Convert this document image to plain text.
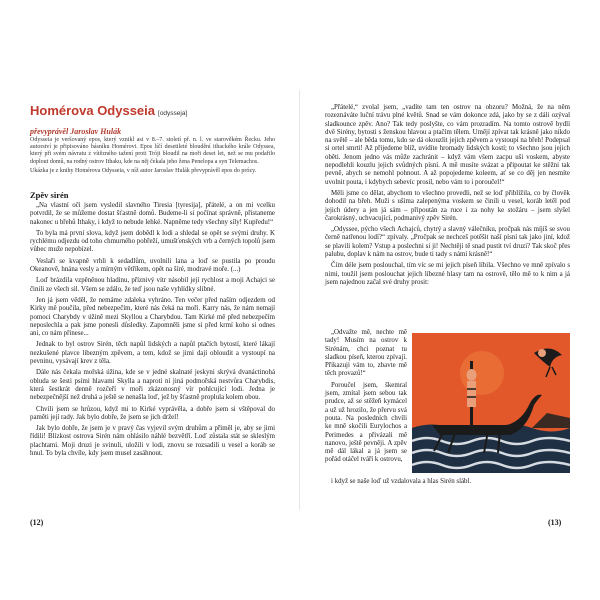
Homérova Odysseia [odysseja]
převyprávěl Jaroslav Hulák

Odysseia je veršovaný epos, který vznikl asi v 8.–7. století př. n. l. ve starověkém Řecku. Jeho autorství je připisováno básníku Homérovi. Epos líčí desetileté bloudění ithackého krále Odyssea, který při svém návratu z vítězného tažení proti Tróji bloudil na moři deset let, než se mu podařilo doplout domů, na rodný ostrov Ithaku, kde na něj čekala jeho žena Penelopa a syn Telemachos.

Ukázka je z knihy Homérova Odysseia, v níž autor Jaroslav Hulák převyprávěl epos do prózy.

Zpěv sirén

„Na vlastní oči jsem vysledil slavného Tiresia [tyresija], přátelé, a on mi vcelku potvrdil, že se můžeme dostat šťastně domů. Budeme-li si počínat správně, přistaneme nakonec u břehů Ithaky, i když to nebude lehké. Napněme tedy všechny síly! Kupředu!“

To byla má první slova, když jsem dobědl k lodi a shledal se opět se svými druhy. K rychlému odjezdu od toho chmurného pobřeží, umušťenských vrb a černých topolů jsem vůbec muže nepobízel.

Veslaři se kvapně vrhli k sedadlům, uvolnili lana a loď se pustila po proudu Okeanově, hnána vesly a mírným větříkem, opět na šíré, modravé moře. (...)

Loď brázdila vzpěněnou hladinu, příznivý vítr násobil její rychlost a moji Achajci se činili ze všech sil. Všem se zdálo, že teď jsou naše vyhlídky slibné.

Jen já jsem věděl, že nemáme zdaleka vyhráno. Ten večer před naším odjezdem od Kirky mě poučila, před nebezpečím, které nás čeká na moři. Karry nás, že nám nemají pomoci Charybdy v úžině mezi Skyllou a Charybdou. Tam Kirké mě před nebezpečím neposlechla a pak jsme ponesli důsledky. Zapomněli jsme si před krmí koho si odnes ani, co nám přinese...

Jednak to byl ostrov Sirén, těch napůl lidských a napůl ptačích bytostí, které lákají nezkušené plavce libezným zpěvem, a tem, kdož se jimi dají obloudit a vystoupí na pevninu, vysávají krev z těla.

Dále nás čekala mořská úžina, kde se v jedné skalnaté jeskyni skrývá dvanáctinohá obluda se šesti psími hlavami Skylla a naproti ní jiná podmořská nestvůra Charybdis, která šestkrát denně rozčeří v moři zkázonosný vír pohlcující lodi. Jedna je nebezpečnější než druhá a ještě se nenašla loď, jež by šťastně proplula kolem obou.

Chvíli jsem se hrůzou, když mi to Kirké vyprávěla, a dobře jsem si vštěpoval do paměti její rady. Jak bylo dobře, že jsem se jich držel!

Jak bylo dobře, že jsem je v pravý čas vyjevil svým druhům a přiměl je, aby se jimi řídili! Blízkost ostrova Sirén nám ohlásilo náhlé bezvětří. Loď zůstala stát se skleslým plachtami. Moji druzi je svinuli, uložili v lodi, znovu se rozsadili u vesel a koráb se hnul. To byla chvíle, kdy jsem musel zasáhnout.

(12)

„Přátelé,“ zvolal jsem, „vadíte tam ten ostrov na obzoru? Možná, že na něm rozeznáváte luční trávu plné květů. Snad se vám dokonce zdá, jako by se z dáli ozýval sladkounce zpěv. Ano? Tak tedy poslyšte, co vám prozradím. Na tomto ostrově bydlí dvě Sirény, bytosti s ženskou hlavou a ptačím tělem. Umějí zpívat tak krásně jako nikdo na světě – ale běda tomu, kdo se dá okouzlit jejich zpěvem a vystoupí na břeh! Podepsal si ortel smrti! Až přijedeme blíž, uvidíte hromady lidských kostí; to všechno jsou jejich oběti. Jenom jedno vás může zachránit – když vám všem zacpu uši voskem, abyste nepodlehli kouzlu jejich svůdných písní. A mě musíte svázat a připoutat ke stěžni tak pevně, abych se nemohl pohnout. A až popojedeme koleem, ať se co děj jen nesmíte uvolnit pouta, i kdybych sebevíc prosil, nebo vám to i poroučel!“

Měli jsme co dělat, abychom to všechno provedli, než se loď přiblížila, co by člověk dohodil na břeh. Muži s ušima zalepenýma voskem se činili u vesel, koráb letěl pod jejich údery a jen já sám – připoután za ruce i za nohy ke stožáru – jsem slyšel čarokrásný, uchvacující, podmanivý zpěv Sirén.

„Odyssee, pýcho všech Achajců, chytrý a slavný válečníku, pročpak nás míjíš se svou černě natřenou lodí?“ zpívaly. „Pročpak se nechceš potěšit naší písní tak jako jiní, kdož se plavili kolem? Vstup a poslechni si ji! Nechtěji tě snad pustit tví druzi? Tak skoč přes palubu, doplav k nám na ostrov, bude ti tady s námi krásně!“

Čím déle jsem poslouchal, tím víc se mi jejich píseň líbila. Všechno ve mně zpívalo s nimi, toužil jsem poslouchat jejich líbezné hlasy tam na ostrově, tělo mě to k nim a já jsem najednou začal své druhy prosit:

„Odvažte mě, nechte mě tady! Musím na ostrov k Sirénám, chci poznat tu sladkou píseň, kterou zpívají. Přikazuji vám to, zbavte mě těch provazů!“

Poroučel jsem, škemral jsem, zmítal jsem sebou tak prudce, až se stěžeň kymácel a už už hrozilo, že přervu svá pouta. Na posledních chvíli ke mně skočili Eurylochos a Perimedes a přivázali mě nanovo, ještě pevněji. A zpěv mě dál lákal a já jsem se pořád otáčel tváří k ostrovu,

i když se naše loď už vzdalovala a hlas Sirén slábl.

(13)
